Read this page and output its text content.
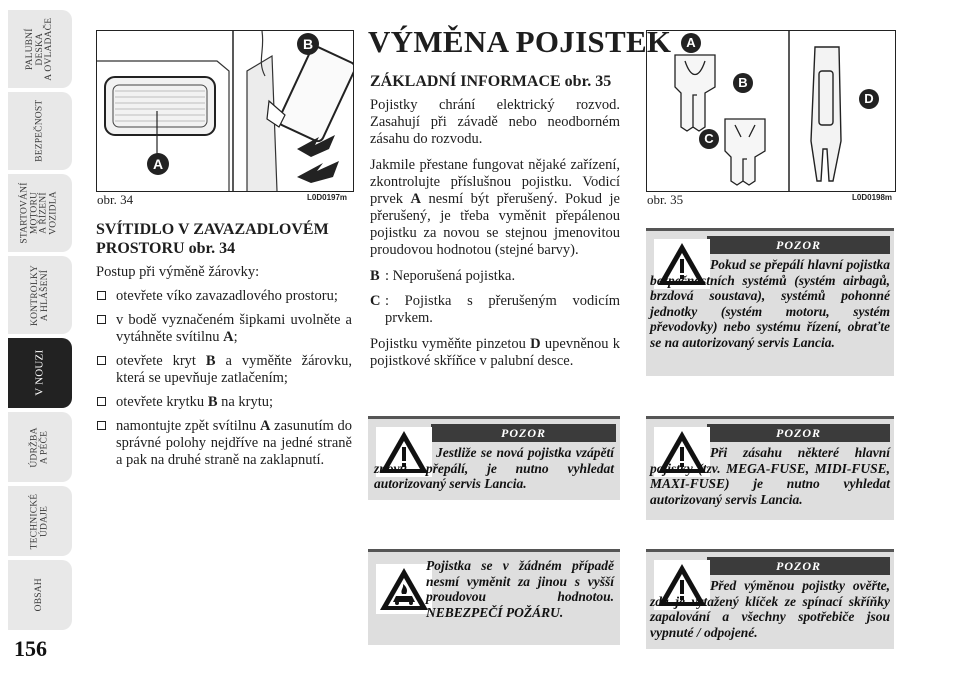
PALUBNÍ
DESKA
A OVLADAČE
BEZPEČNOST
STARTOVÁNÍ
MOTORU
A ŘÍZENÍ
VOZIDLA
KONTROLKY
A HLÁŠENÍ
V NOUZI
ÚDRŽBA
A PÉČE
TECHNICKÉ
ÚDAJE
OBSAH
156
B
A
obr. 34	L0D0197m
A
B
C
D
obr. 35	L0D0198m
SVÍTIDLO V ZAVAZADLOVÉM PROSTORU obr. 34

Postup při výměně žárovky:

otevřete víko zavazadlového prostoru;
v bodě vyznačeném šipkami uvolněte a vytáhněte svítilnu A;
otevřete kryt B a vyměňte žárovku, která se upevňuje zatlačením;
otevřete krytku B na krytu;
namontujte zpět svítilnu A zasunutím do správné polohy nejdříve na jedné straně a pak na druhé straně na zaklapnutí.
VÝMĚNA POJISTEK
ZÁKLADNÍ INFORMACE obr. 35

Pojistky chrání elektrický rozvod. Zasahují při závadě nebo neodborném zásahu do rozvodu.

Jakmile přestane fungovat nějaké zařízení, zkontrolujte příslušnou pojistku. Vodicí prvek A nesmí být přerušený. Pokud je přerušený, je třeba vyměnit přepálenou pojistku za novou se stejnou jmenovitou proudovou hodnotou (stejné barvy).

B : Neporušená pojistka.
C : Pojistka s přerušeným vodicím prvkem.

Pojistku vyměňte pinzetou D upevněnou k pojistkové skříňce v palubní desce.

POZOR
Jestliže se nová pojistka vzápětí znovu přepálí, je nutno vyhledat autorizovaný servis Lancia.
Pojistka se v žádném případě nesmí vyměnit za jinou s vyšší proudovou hodnotou. NEBEZPEČÍ POŽÁRU.
POZOR
Pokud se přepálí hlavní pojistka bezpečnostních systémů (systém airbagů, brzdová soustava), systémů pohonné jednotky (systém motoru, systém převodovky) nebo systému řízení, obraťte se na autorizovaný servis Lancia.
POZOR
Při zásahu některé hlavní pojistky (tzv. MEGA-FUSE, MIDI-FUSE, MAXI-FUSE) je nutno vyhledat autorizovaný servis Lancia.
POZOR
Před výměnou pojistky ověřte, zda je vytažený klíček ze spínací skříňky zapalování a všechny spotřebiče jsou vypnuté / odpojené.
